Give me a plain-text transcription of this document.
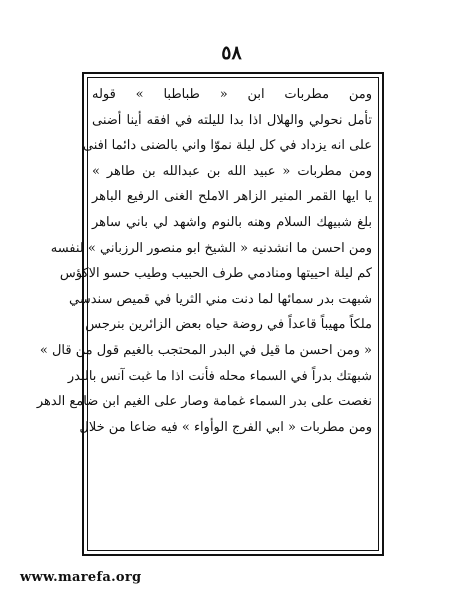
٥٨
ومن مطربات ابن « طباطبا » قوله
تأمل نحولي والهلال اذا بدا لليلته في افقه أينا أضنى
على انه يزداد في كل ليلة نموّا واني بالضنى دائما افنى
ومن مطربات « عبيد الله بن عبدالله بن طاهر »
يا ايها القمر المنير الزاهر الاملح الغنى الرفيع الباهر
بلغ شبيهك السلام وهنه بالنوم واشهد لي باني ساهر
ومن احسن ما انشدنيه « الشيخ ابو منصور الرزباني » لنفسه
كم ليلة احييتها ومنادمي طرف الحبيب وطيب حسو الاكؤس
شبهت بدر سمائها لما دنت مني الثريا في قميص سندسي
ملكاً مهيباً قاعداً في روضة حياه بعض الزائرين بنرجس
« ومن احسن ما قيل في البدر المحتجب بالغيم قول من قال »
شبهتك بدراً في السماء محله فأنت اذا ما غبت آنس بالبدر
نغصت على بدر السماء غمامة وصار على الغيم ابن ضامع الدهر
ومن مطربات « ابي الفرج الوأواء » فيه ضاعا من خلال
www.marefa.org
